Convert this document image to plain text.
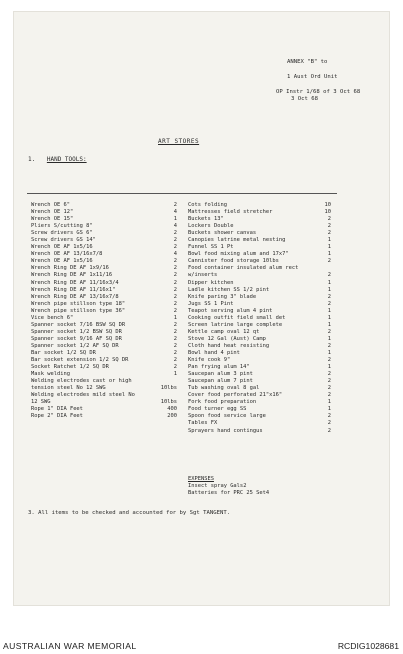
ANNEX "B" to
1 Aust Ord Unit
OP Instr 1/68 of 3 Oct 68
3 Oct 68
ART STORES
1. HAND TOOLS:
Wrench OE 6"	2
Wrench OE 12"	4
Wrench OE 15"	1
Pliers S/cutting 8"	4
Screw drivers GS 6"	2
Screw drivers GS 14"	2
Wrench OE AF 1x5/16	2
Wrench OE AF 13/16x7/8	4
Wrench OE AF 1x5/16	2
Wrench Ring DE AF 1x9/16	2
Wrench Ring DE AF 1x11/16	2
Wrench Ring DE AF 11/16x3/4	2
Wrench Ring DE AF 11/16x1"	2
Wrench Ring DE AF 13/16x7/8	2
Wrench pipe stillson type 18"	2
Wrench pipe stillson type 36"	2
Vice bench 6"	1
Spanner socket 7/16 BSW SQ DR	2
Spanner socket 1/2 BSW SQ DR	2
Spanner socket 9/16 AF SQ DR	2
Spanner socket 1/2 AF SQ DR	2
Bar socket 1/2 SQ DR	2
Bar socket extension 1/2 SQ DR	2
Socket Ratchet 1/2 SQ DR	2
Mask welding	1
Welding electrodes cast or high
tension steel No 12 SWG	10lbs
Welding electrodes mild steel No
12 SWG	10lbs
Rope 1" DIA Feet	400
Rope 2" DIA Feet	200
Cots folding	10
Mattresses field stretcher	10
Buckets 13"	2
Lockers Double	2
Buckets shower canvas	2
Canopies latrine metal nesting	1
Funnel SS 1 Pt	1
Bowl food mixing alum and 17x7"	1
Cannister food storage 10lbs	2
Food container insulated alum rect
w/inserts	2
Dipper kitchen	1
Ladle kitchen SS 1/2 pint	1
Knife paring 3" blade	2
Jugs SS 1 Pint	2
Teapot serving alum 4 pint	1
Cooking outfit field small det	1
Screen latrine large complete	1
Kettle camp oval 12 qt	2
Stove 12 Gal (Aust) Camp	1
Cloth hand heat resisting	2
Bowl hand 4 pint	1
Knife cook 9"	2
Pan frying alum 14"	1
Saucepan alum 3 pint	2
Saucepan alum 7 pint	2
Tub washing oval 8 gal	2
Cover food perforated 21"x16"	2
Fork food preparation	1
Food turner egg SS	1
Spoon food service large	2
Tables FX	2
Sprayers hand contingus	2
EXPENSES
Insect spray Gals 2
Batteries for PRC 25 Set 4
3. All items to be checked and accounted for by Sgt TANGENT.
AUSTRALIAN WAR MEMORIAL	RCDIG1028681
